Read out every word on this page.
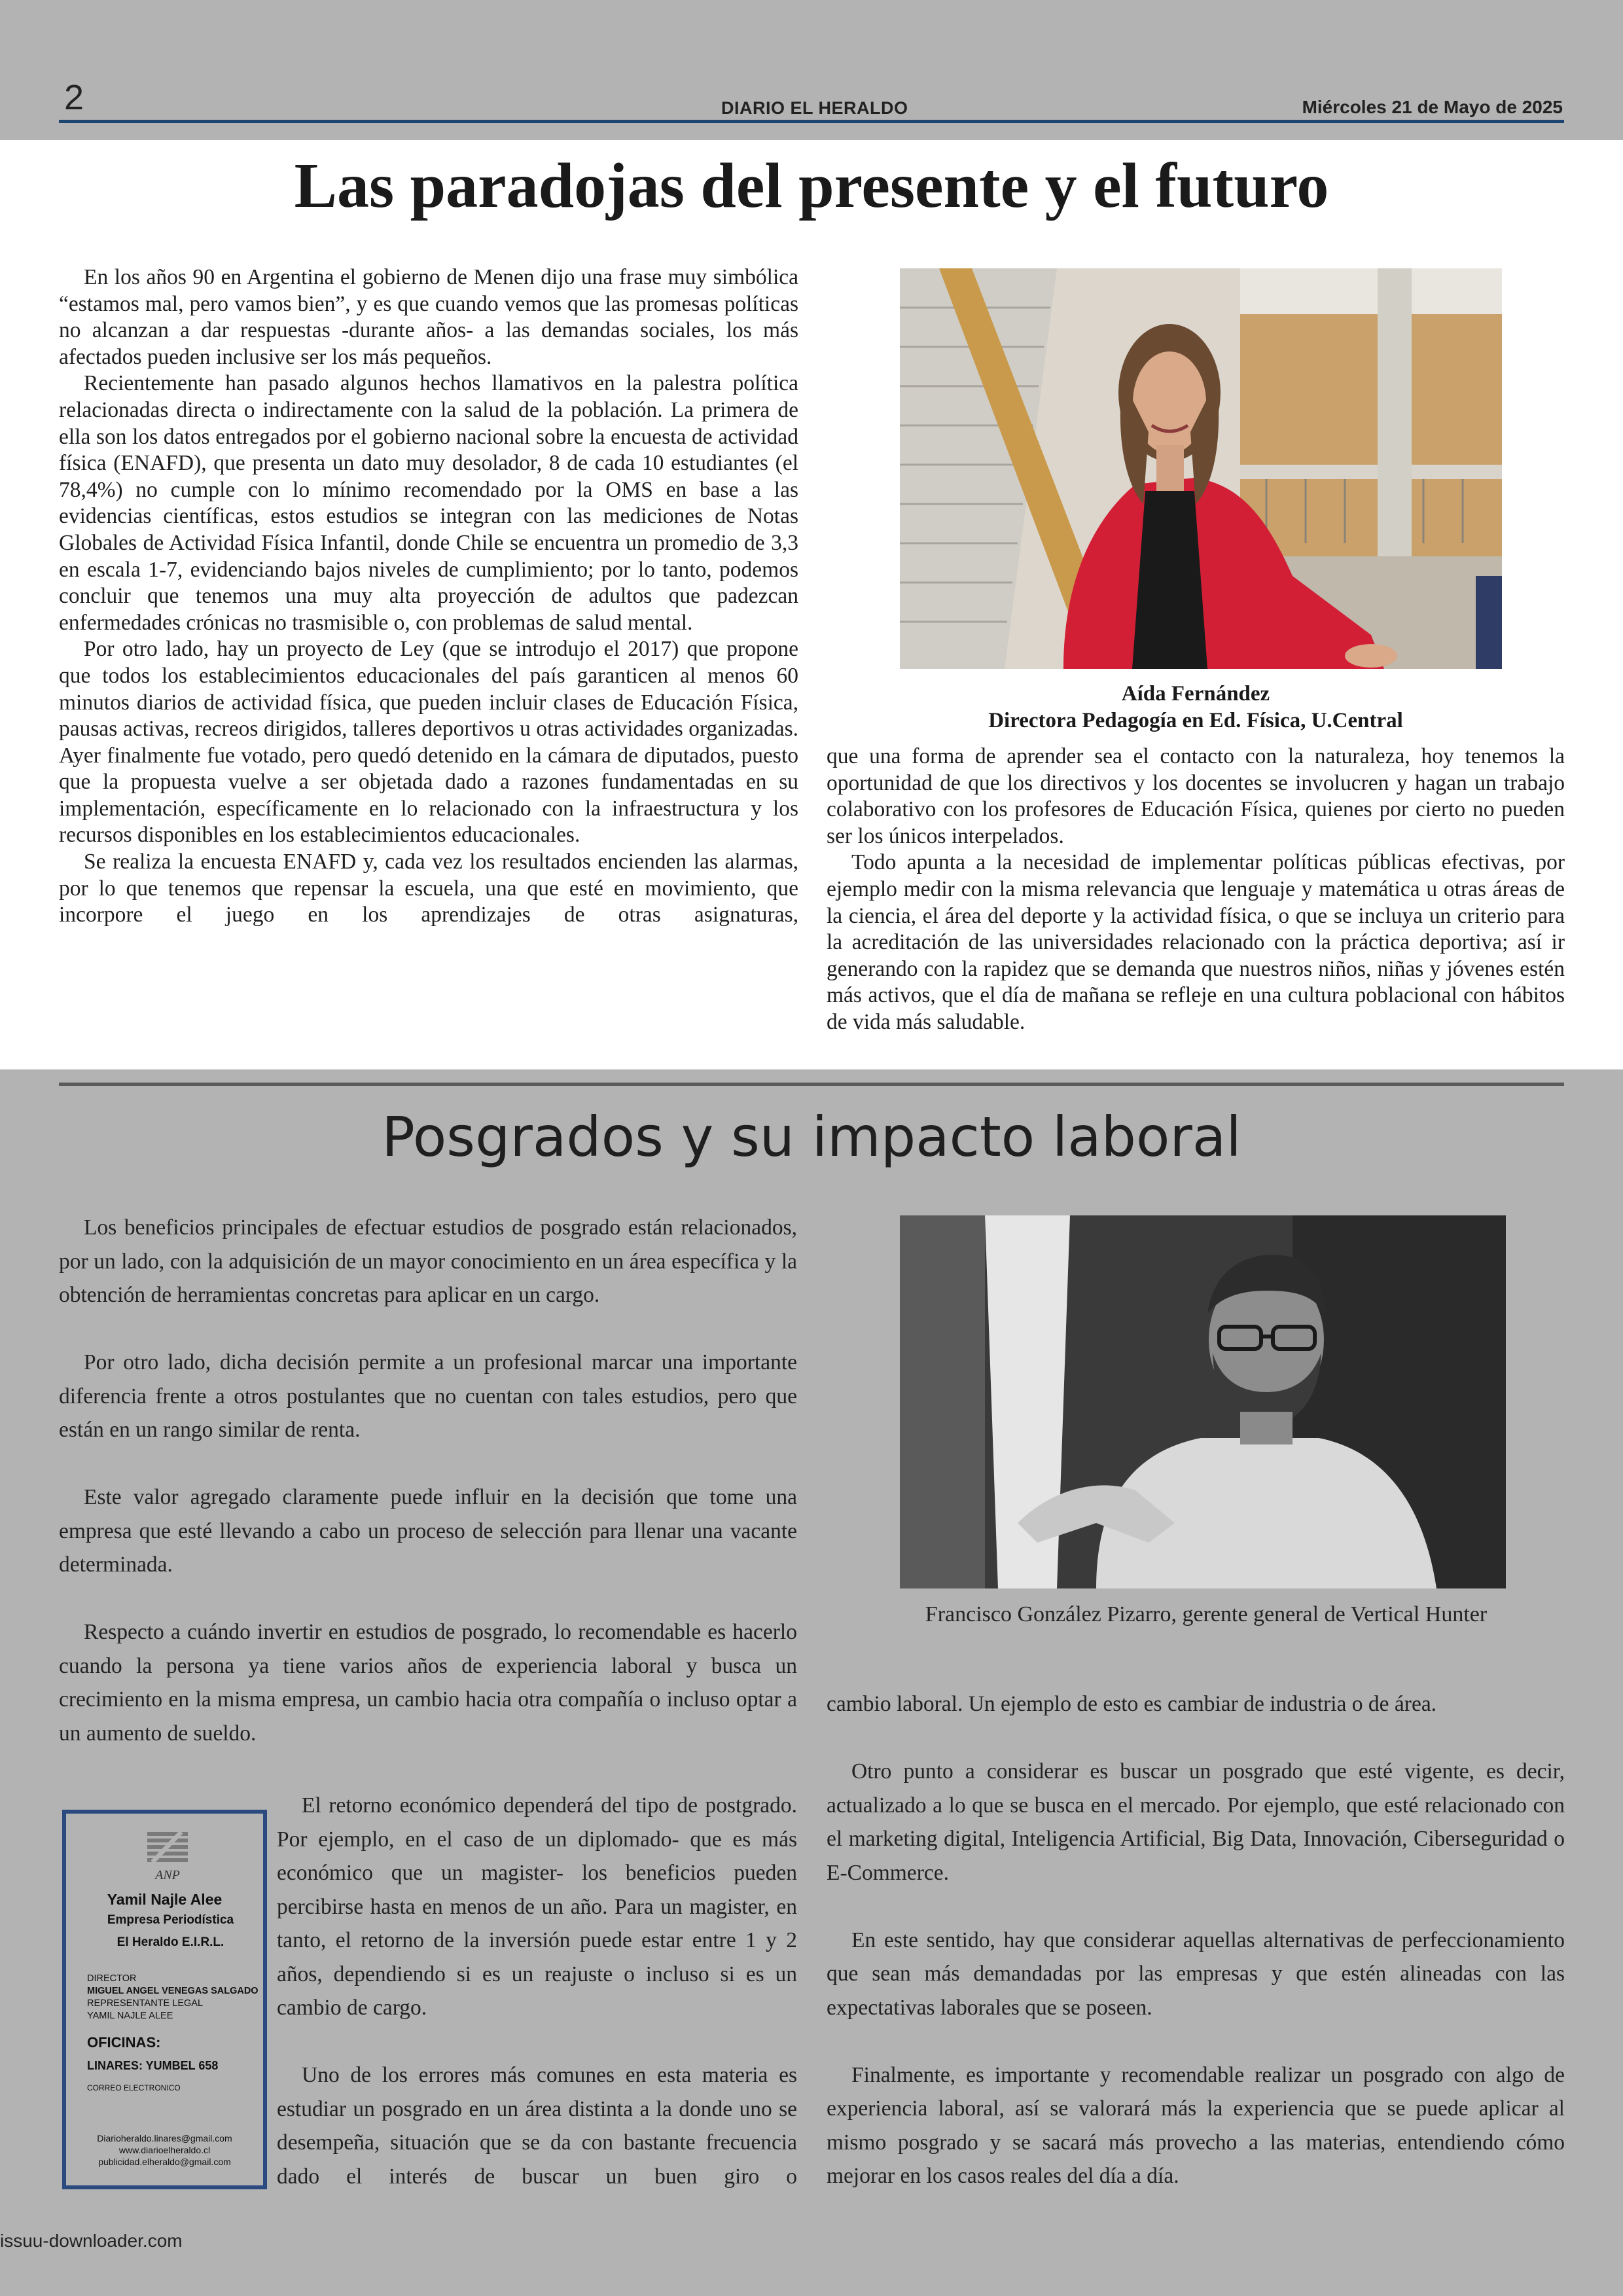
2	DIARIO EL HERALDO	Miércoles 21 de Mayo de 2025
Las paradojas del presente y el futuro

En los años 90 en Argentina el gobierno de Menen dijo una frase muy simbólica “estamos mal, pero vamos bien”, y es que cuando vemos que las promesas políticas no alcanzan a dar respuestas -durante años- a las demandas sociales, los más afectados pueden inclusive ser los más pequeños.

Recientemente han pasado algunos hechos llamativos en la palestra política relacionadas directa o indirectamente con la salud de la población. La primera de ella son los datos entregados por el gobierno nacional sobre la encuesta de actividad física (ENAFD), que presenta un dato muy desolador, 8 de cada 10 estudiantes (el 78,4%) no cumple con lo mínimo recomendado por la OMS en base a las evidencias científicas, estos estudios se integran con las mediciones de Notas Globales de Actividad Física Infantil, donde Chile se encuentra un promedio de 3,3 en escala 1-7, evidenciando bajos niveles de cumplimiento; por lo tanto, podemos concluir que tenemos una muy alta proyección de adultos que padezcan enfermedades crónicas no trasmisible o, con problemas de salud mental.

Por otro lado, hay un proyecto de Ley (que se introdujo el 2017) que propone que todos los establecimientos educacionales del país garanticen al menos 60 minutos diarios de actividad física, que pueden incluir clases de Educación Física, pausas activas, recreos dirigidos, talleres deportivos u otras actividades organizadas. Ayer finalmente fue votado, pero quedó detenido en la cámara de diputados, puesto que la propuesta vuelve a ser objetada dado a razones fundamentadas en su implementación, específicamente en lo relacionado con la infraestructura y los recursos disponibles en los establecimientos educacionales.

Se realiza la encuesta ENAFD y, cada vez los resultados encienden las alarmas, por lo que tenemos que repensar la escuela, una que esté en movimiento, que incorpore el juego en los aprendizajes de otras asignaturas,

Aída Fernández
Directora Pedagogía en Ed. Física, U.Central

que una forma de aprender sea el contacto con la naturaleza, hoy tenemos la oportunidad de que los directivos y los docentes se involucren y hagan un trabajo colaborativo con los profesores de Educación Física, quienes por cierto no pueden ser los únicos interpelados.

Todo apunta a la necesidad de implementar políticas públicas efectivas, por ejemplo medir con la misma relevancia que lenguaje y matemática u otras áreas de la ciencia, el área del deporte y la actividad física, o que se incluya un criterio para la acreditación de las universidades relacionado con la práctica deportiva; así ir generando con la rapidez que se demanda que nuestros niños, niñas y jóvenes estén más activos, que el día de mañana se refleje en una cultura poblacional con hábitos de vida más saludable.

Posgrados y su impacto laboral

Los beneficios principales de efectuar estudios de posgrado están relacionados, por un lado, con la adquisición de un mayor conocimiento en un área específica y la obtención de herramientas concretas para aplicar en un cargo.

Por otro lado, dicha decisión permite a un profesional marcar una importante diferencia frente a otros postulantes que no cuentan con tales estudios, pero que están en un rango similar de renta.

Este valor agregado claramente puede influir en la decisión que tome una empresa que esté llevando a cabo un proceso de selección para llenar una vacante determinada.

Respecto a cuándo invertir en estudios de posgrado, lo recomendable es hacerlo cuando la persona ya tiene varios años de experiencia laboral y busca un crecimiento en la misma empresa, un cambio hacia otra compañía o incluso optar a un aumento de sueldo.

El retorno económico dependerá del tipo de postgrado. Por ejemplo, en el caso de un diplomado- que es más económico que un magister- los beneficios pueden percibirse hasta en menos de un año. Para un magister, en tanto, el retorno de la inversión puede estar entre 1 y 2 años, dependiendo si es un reajuste o incluso si es un cambio de cargo.

Uno de los errores más comunes en esta materia es estudiar un posgrado en un área distinta a la donde uno se desempeña, situación que se da con bastante frecuencia dado el interés de buscar un buen giro o

Francisco González Pizarro, gerente general de Vertical Hunter

cambio laboral. Un ejemplo de esto es cambiar de industria o de área.

Otro punto a considerar es buscar un posgrado que esté vigente, es decir, actualizado a lo que se busca en el mercado. Por ejemplo, que esté relacionado con el marketing digital, Inteligencia Artificial, Big Data, Innovación, Ciberseguridad o E-Commerce.

En este sentido, hay que considerar aquellas alternativas de perfeccionamiento que sean más demandadas por las empresas y que estén alineadas con las expectativas laborales que se poseen.

Finalmente, es importante y recomendable realizar un posgrado con algo de experiencia laboral, así se valorará más la experiencia que se puede aplicar al mismo posgrado y se sacará más provecho a las materias, entendiendo cómo mejorar en los casos reales del día a día.

ANP
Yamil Najle Alee
Empresa Periodística
El Heraldo E.I.R.L.
DIRECTOR
MIGUEL ANGEL VENEGAS SALGADO
REPRESENTANTE LEGAL
YAMIL NAJLE ALEE
OFICINAS:
LINARES: YUMBEL 658
CORREO ELECTRONICO
Diarioheraldo.linares@gmail.com
www.diarioelheraldo.cl
publicidad.elheraldo@gmail.com
issuu-downloader.com
